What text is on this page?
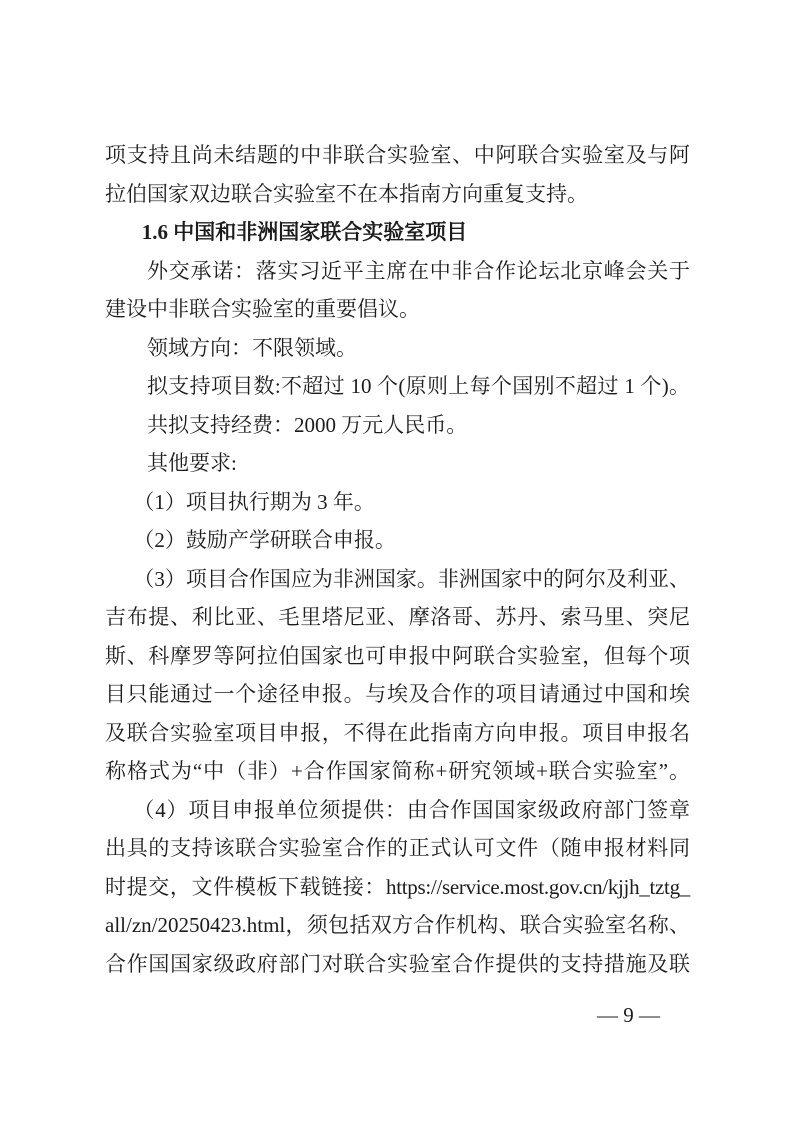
项支持且尚未结题的中非联合实验室、中阿联合实验室及与阿
拉伯国家双边联合实验室不在本指南方向重复支持。
1.6 中国和非洲国家联合实验室项目
外交承诺：落实习近平主席在中非合作论坛北京峰会关于
建设中非联合实验室的重要倡议。
领域方向：不限领域。
拟支持项目数:不超过 10 个(原则上每个国别不超过 1 个)。
共拟支持经费：2000 万元人民币。
其他要求:
（1）项目执行期为 3 年。
（2）鼓励产学研联合申报。
（3）项目合作国应为非洲国家。非洲国家中的阿尔及利亚、
吉布提、利比亚、毛里塔尼亚、摩洛哥、苏丹、索马里、突尼
斯、科摩罗等阿拉伯国家也可申报中阿联合实验室，但每个项
目只能通过一个途径申报。与埃及合作的项目请通过中国和埃
及联合实验室项目申报，不得在此指南方向申报。项目申报名
称格式为“中（非）+合作国家简称+研究领域+联合实验室”。
（4）项目申报单位须提供：由合作国国家级政府部门签章
出具的支持该联合实验室合作的正式认可文件（随申报材料同
时提交，文件模板下载链接：https://service.most.gov.cn/kjjh_tztg_
all/zn/20250423.html，须包括双方合作机构、联合实验室名称、
合作国国家级政府部门对联合实验室合作提供的支持措施及联
— 9 —
